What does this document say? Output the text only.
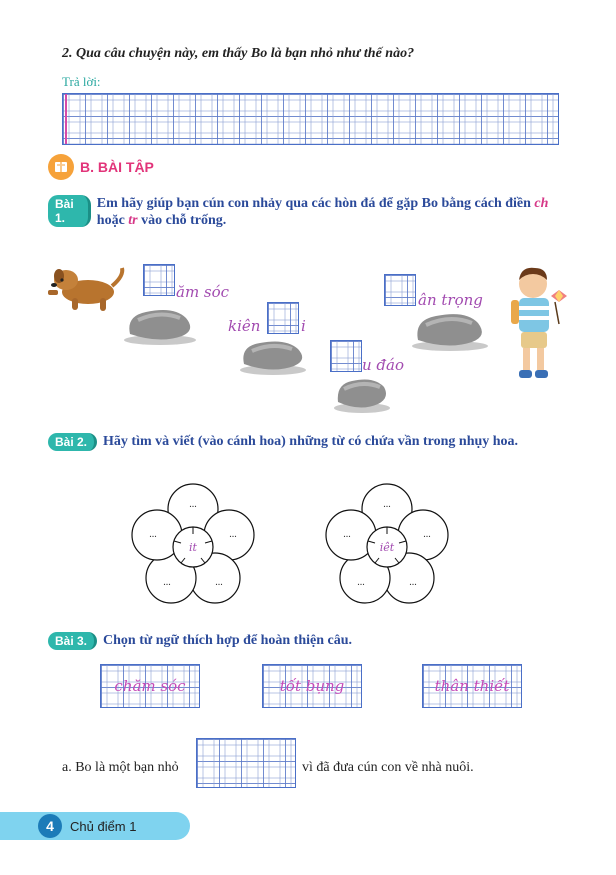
2. Qua câu chuyện này, em thấy Bo là bạn nhỏ như thế nào?
Trả lời:
B. BÀI TẬP
Bài 1.
Em hãy giúp bạn cún con nhảy qua các hòn đá để gặp Bo bằng cách điền ch hoặc tr vào chỗ trống.
ăm sóc
kiên	i
u đáo
ân trọng
Bài 2.	Hãy tìm và viết (vào cánh hoa) những từ có chứa vần trong nhụy hoa.
it
...
...
...
...
...
iêt
...
...
...
...
...
Bài 3.	Chọn từ ngữ thích hợp để hoàn thiện câu.
chăm sóc	tốt bụng	thân thiết
a. Bo là một bạn nhỏ	vì đã đưa cún con về nhà nuôi.
4	Chủ điểm 1
